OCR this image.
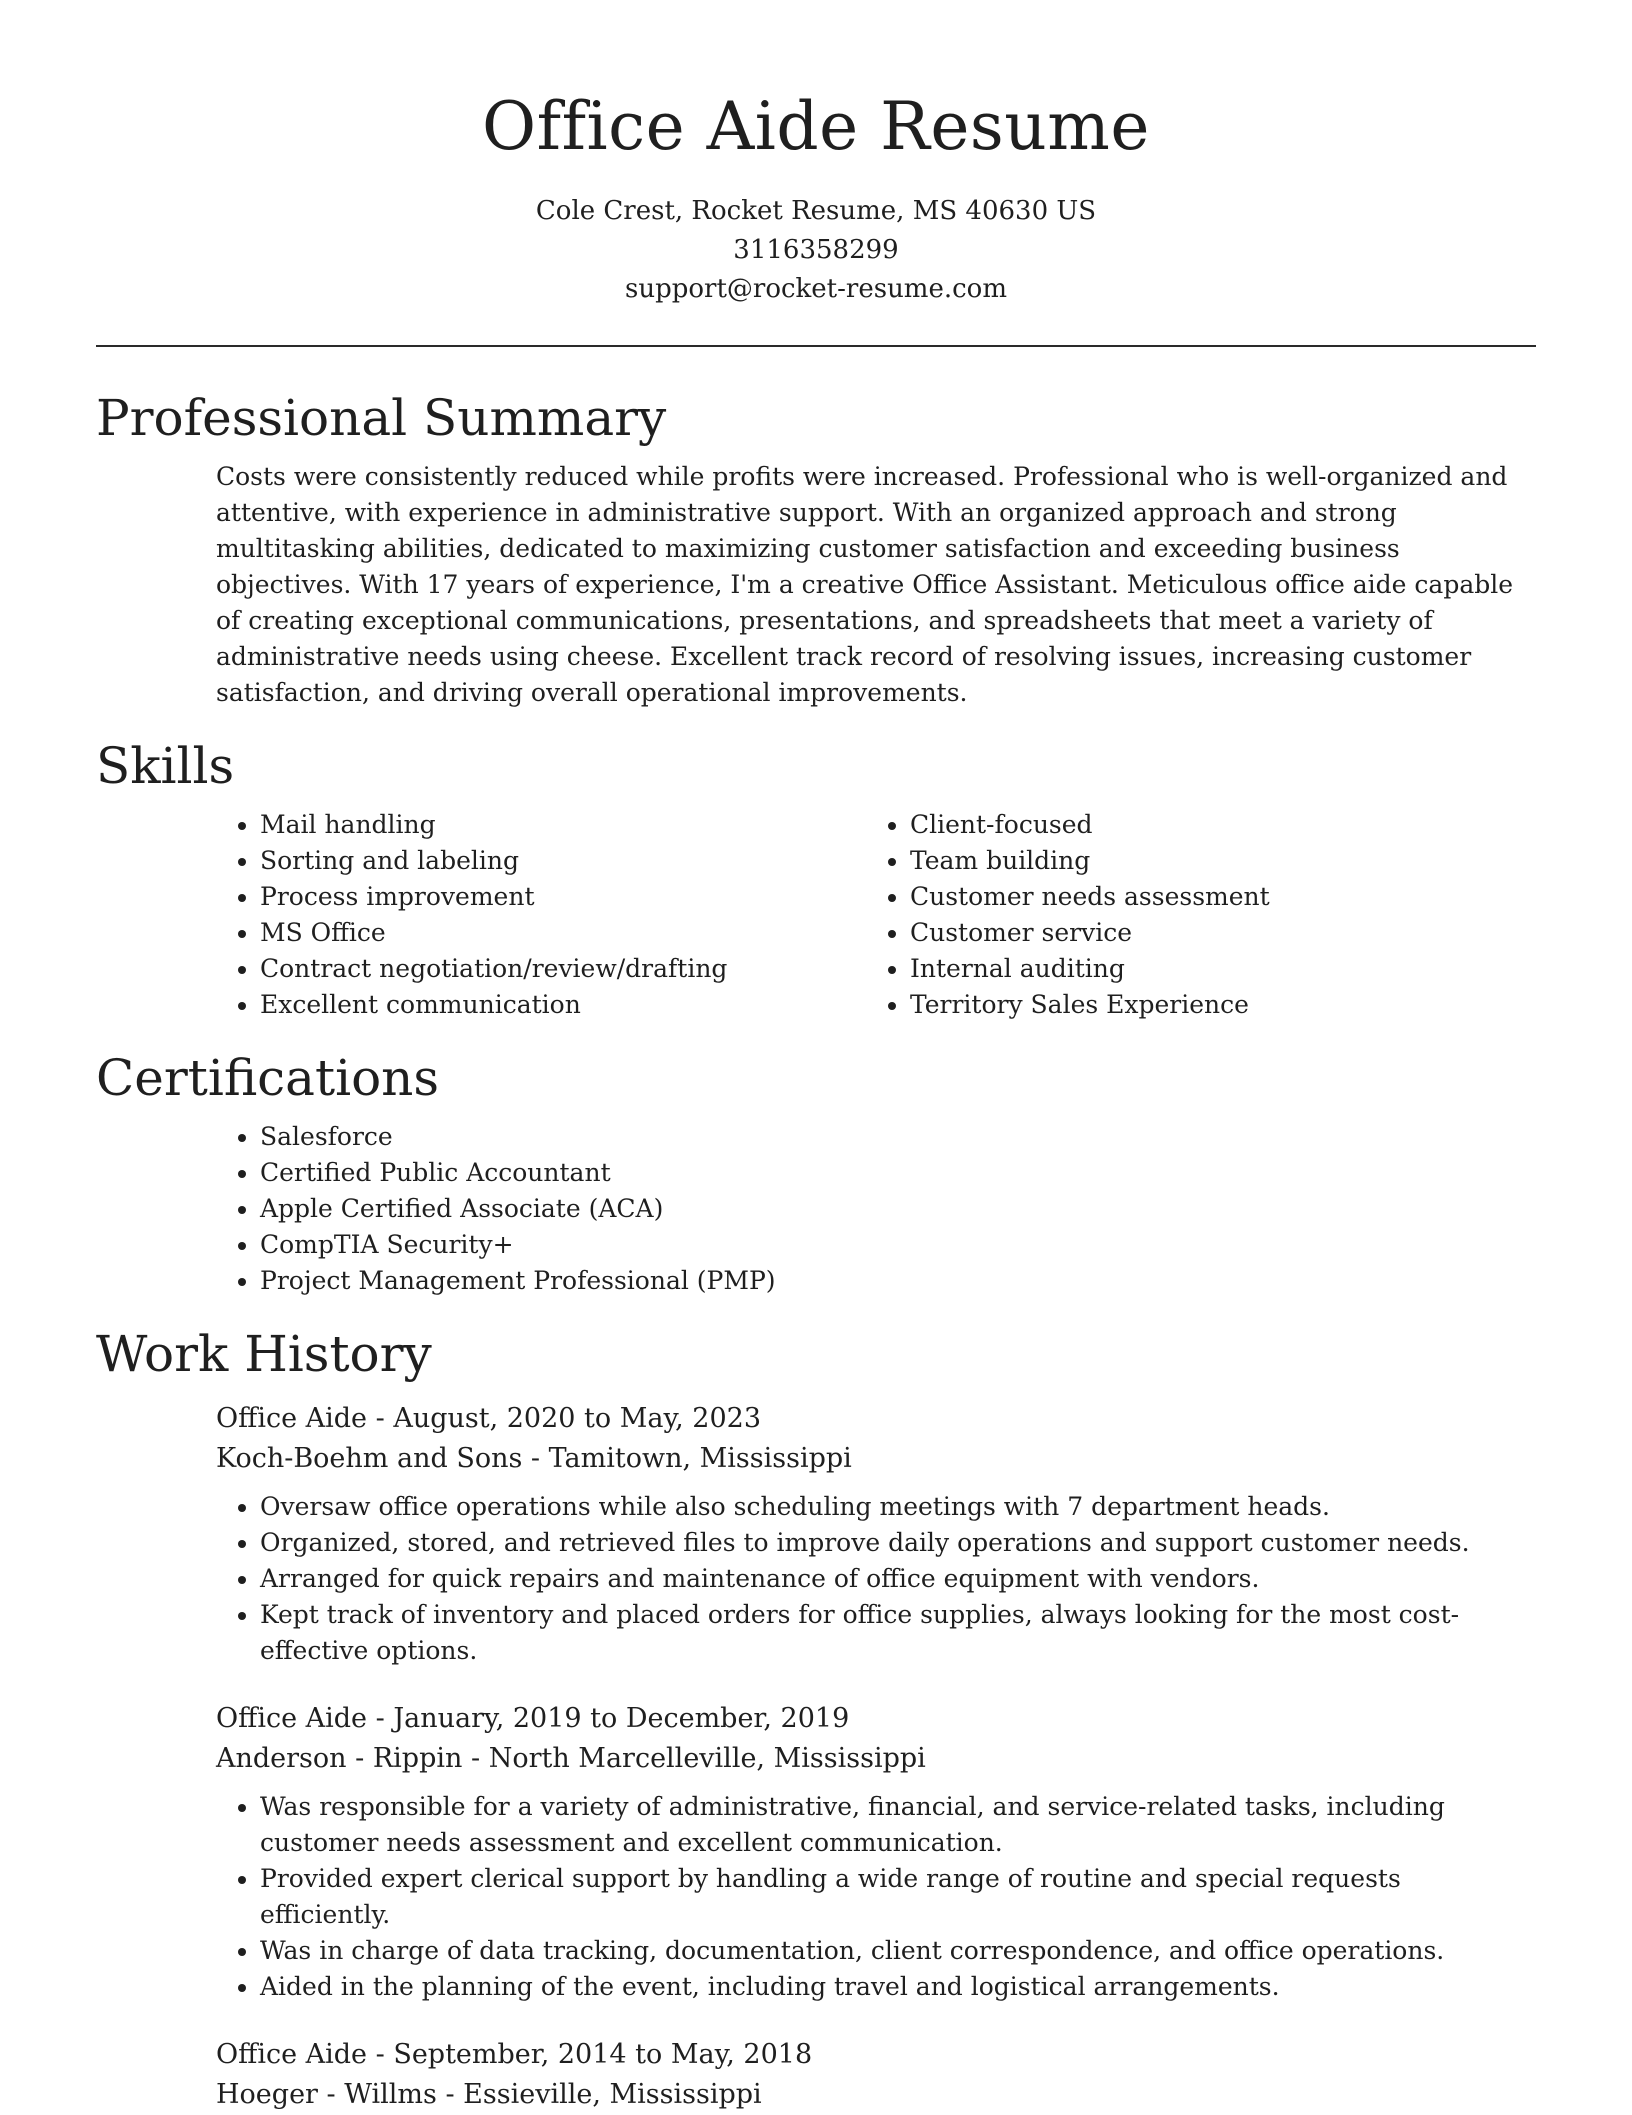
Office Aide Resume
Cole Crest, Rocket Resume, MS 40630 US
3116358299
support@rocket-resume.com
Professional Summary

Costs were consistently reduced while profits were increased. Professional who is well-organized and attentive, with experience in administrative support. With an organized approach and strong multitasking abilities, dedicated to maximizing customer satisfaction and exceeding business objectives. With 17 years of experience, I'm a creative Office Assistant. Meticulous office aide capable of creating exceptional communications, presentations, and spreadsheets that meet a variety of administrative needs using cheese. Excellent track record of resolving issues, increasing customer satisfaction, and driving overall operational improvements.

Skills
• Mail handling
• Sorting and labeling
• Process improvement
• MS Office
• Contract negotiation/review/drafting
• Excellent communication
• Client-focused
• Team building
• Customer needs assessment
• Customer service
• Internal auditing
• Territory Sales Experience
Certifications
• Salesforce
• Certified Public Accountant
• Apple Certified Associate (ACA)
• CompTIA Security+
• Project Management Professional (PMP)
Work History
Office Aide - August, 2020 to May, 2023
Koch-Boehm and Sons - Tamitown, Mississippi
• Oversaw office operations while also scheduling meetings with 7 department heads.
• Organized, stored, and retrieved files to improve daily operations and support customer needs.
• Arranged for quick repairs and maintenance of office equipment with vendors.
• Kept track of inventory and placed orders for office supplies, always looking for the most cost-effective options.
Office Aide - January, 2019 to December, 2019
Anderson - Rippin - North Marcelleville, Mississippi
• Was responsible for a variety of administrative, financial, and service-related tasks, including customer needs assessment and excellent communication.
• Provided expert clerical support by handling a wide range of routine and special requests efficiently.
• Was in charge of data tracking, documentation, client correspondence, and office operations.
• Aided in the planning of the event, including travel and logistical arrangements.
Office Aide - September, 2014 to May, 2018
Hoeger - Willms - Essieville, Mississippi
